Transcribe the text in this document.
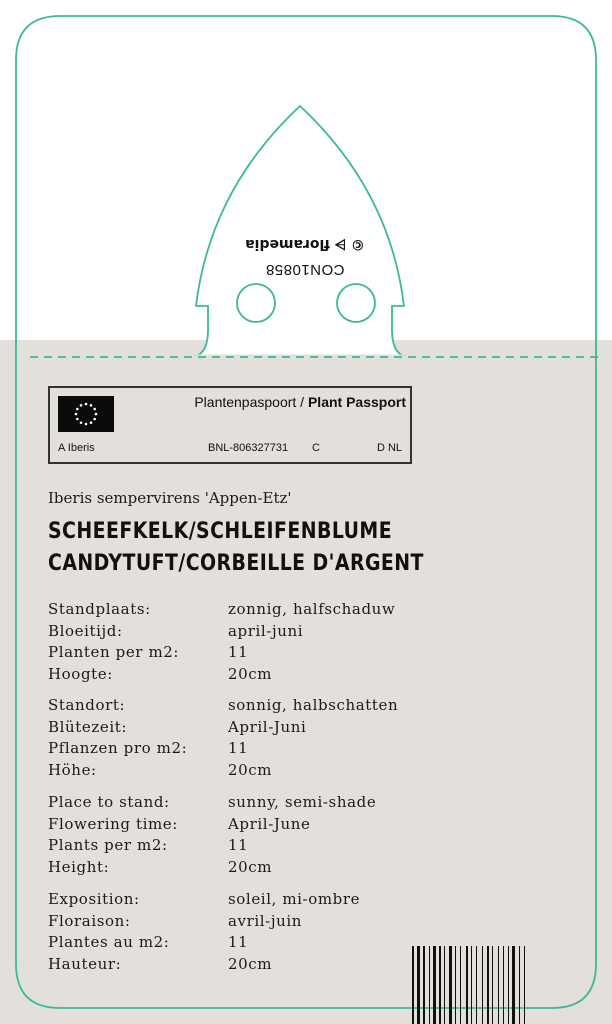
© ⩥ floramedia
CON10858
Plantenpaspoort / Plant Passport
A Iberis	BNL-806327731 C	D NL
Iberis sempervirens 'Appen-Etz'
SCHEEFKELK/SCHLEIFENBLUME
CANDYTUFT/CORBEILLE D'ARGENT
Standplaats:	zonnig, halfschaduw
Bloeitijd:	april-juni
Planten per m2:	11
Hoogte:	20cm
Standort:	sonnig, halbschatten
Blütezeit:	April-Juni
Pflanzen pro m2:	11
Höhe:	20cm
Place to stand:	sunny, semi-shade
Flowering time:	April-June
Plants per m2:	11
Height:	20cm
Exposition:	soleil, mi-ombre
Floraison:	avril-juin
Plantes au m2:	11
Hauteur:	20cm
